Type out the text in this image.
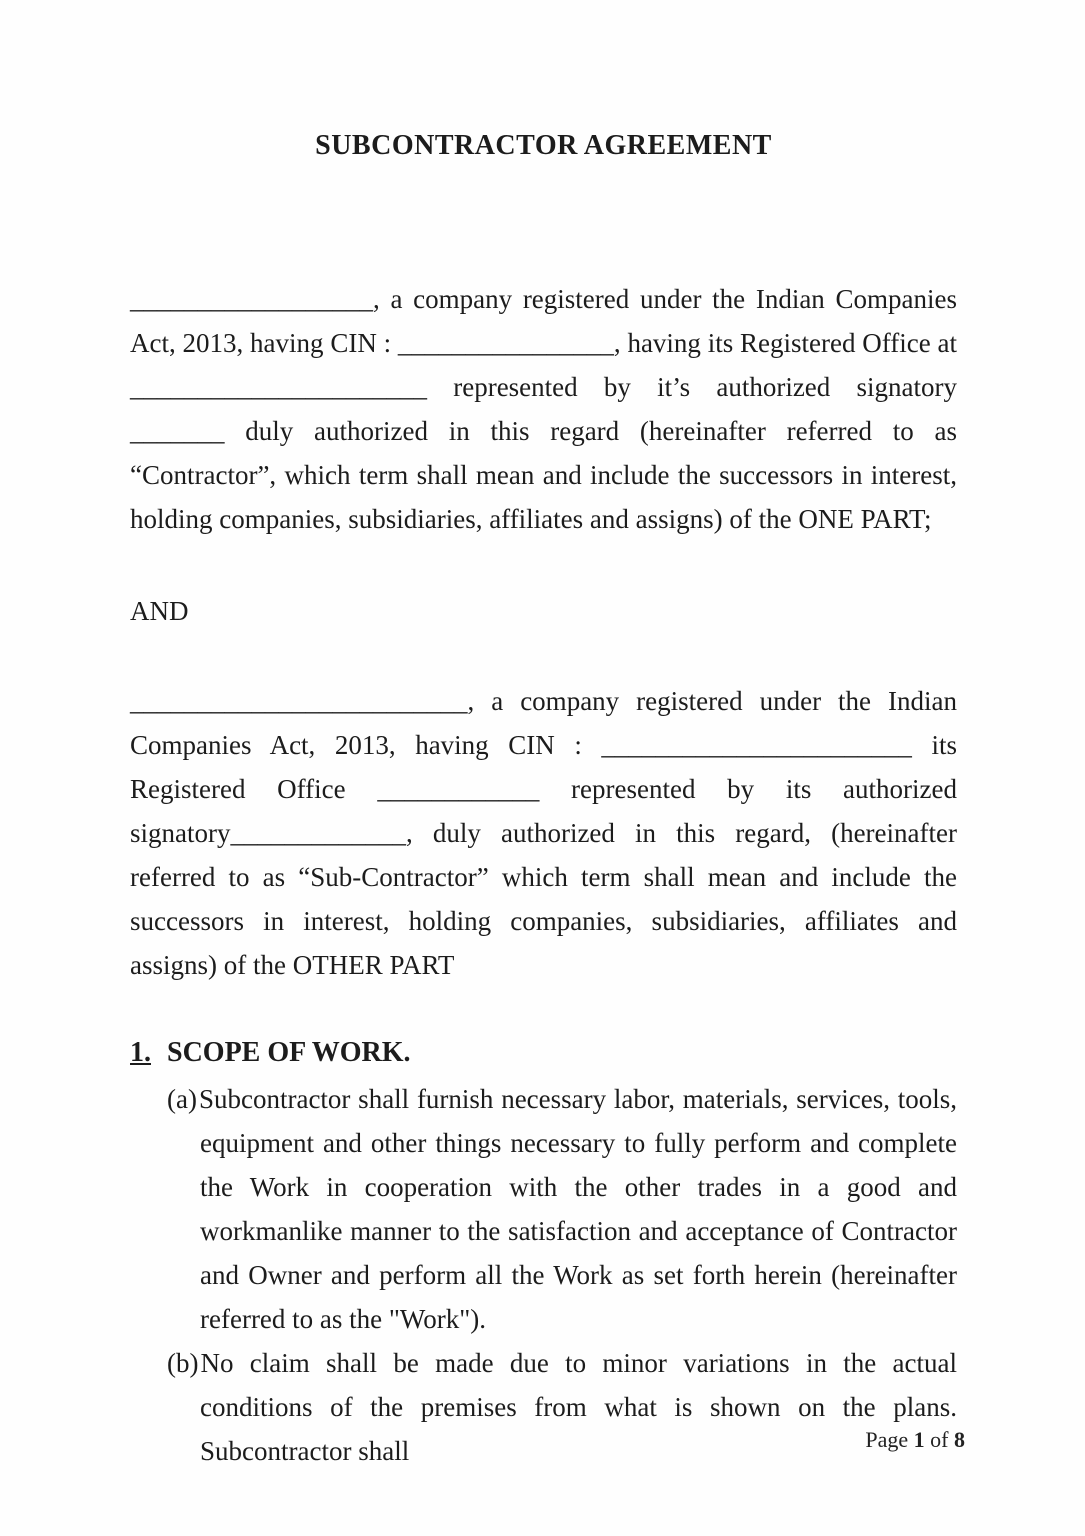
SUBCONTRACTOR AGREEMENT

__________________, a company registered under the Indian Companies Act, 2013, having CIN : ________________, having its Registered Office at ______________________ represented by it’s authorized signatory _______ duly authorized in this regard (hereinafter referred to as “Contractor”, which term shall mean and include the successors in interest, holding companies, subsidiaries, affiliates and assigns) of the ONE PART;

AND

_________________________, a company registered under the Indian Companies Act, 2013, having CIN : _______________________ its Registered Office ____________ represented by its authorized signatory_____________, duly authorized in this regard, (hereinafter referred to as “Sub-Contractor” which term shall mean and include the successors in interest, holding companies, subsidiaries, affiliates and assigns) of the OTHER PART

1. SCOPE OF WORK.
(a)Subcontractor shall furnish necessary labor, materials, services, tools, equipment and other things necessary to fully perform and complete the Work in cooperation with the other trades in a good and workmanlike manner to the satisfaction and acceptance of Contractor and Owner and perform all the Work as set forth herein (hereinafter referred to as the "Work").
(b)No claim shall be made due to minor variations in the actual conditions of the premises from what is shown on the plans. Subcontractor shall	Page 1 of 8
